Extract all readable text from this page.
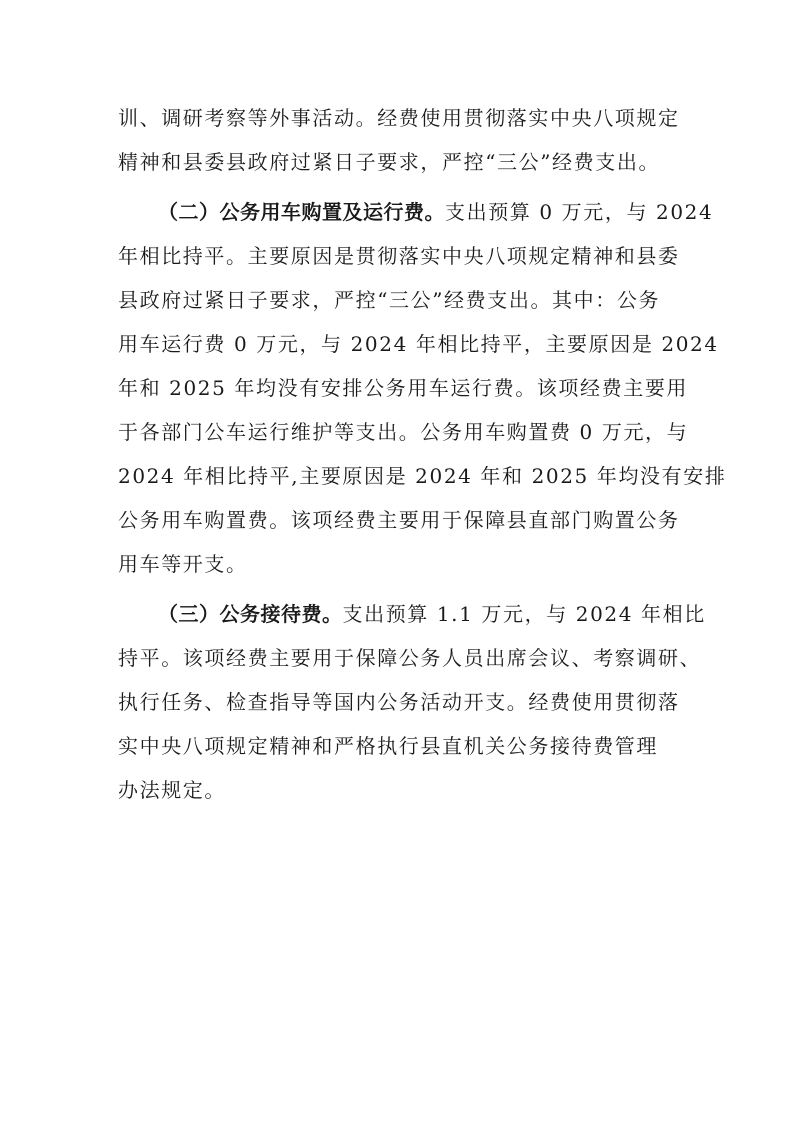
训、调研考察等外事活动。经费使用贯彻落实中央八项规定
精神和县委县政府过紧日子要求，严控“三公”经费支出。
（二）公务用车购置及运行费。支出预算 0 万元，与 2024
年相比持平。主要原因是贯彻落实中央八项规定精神和县委
县政府过紧日子要求，严控“三公”经费支出。其中：公务
用车运行费 0 万元，与 2024 年相比持平，主要原因是 2024
年和 2025 年均没有安排公务用车运行费。该项经费主要用
于各部门公车运行维护等支出。公务用车购置费 0 万元，与
2024 年相比持平,主要原因是 2024 年和 2025 年均没有安排
公务用车购置费。该项经费主要用于保障县直部门购置公务
用车等开支。
（三）公务接待费。支出预算 1.1 万元，与 2024 年相比
持平。该项经费主要用于保障公务人员出席会议、考察调研、
执行任务、检查指导等国内公务活动开支。经费使用贯彻落
实中央八项规定精神和严格执行县直机关公务接待费管理
办法规定。
